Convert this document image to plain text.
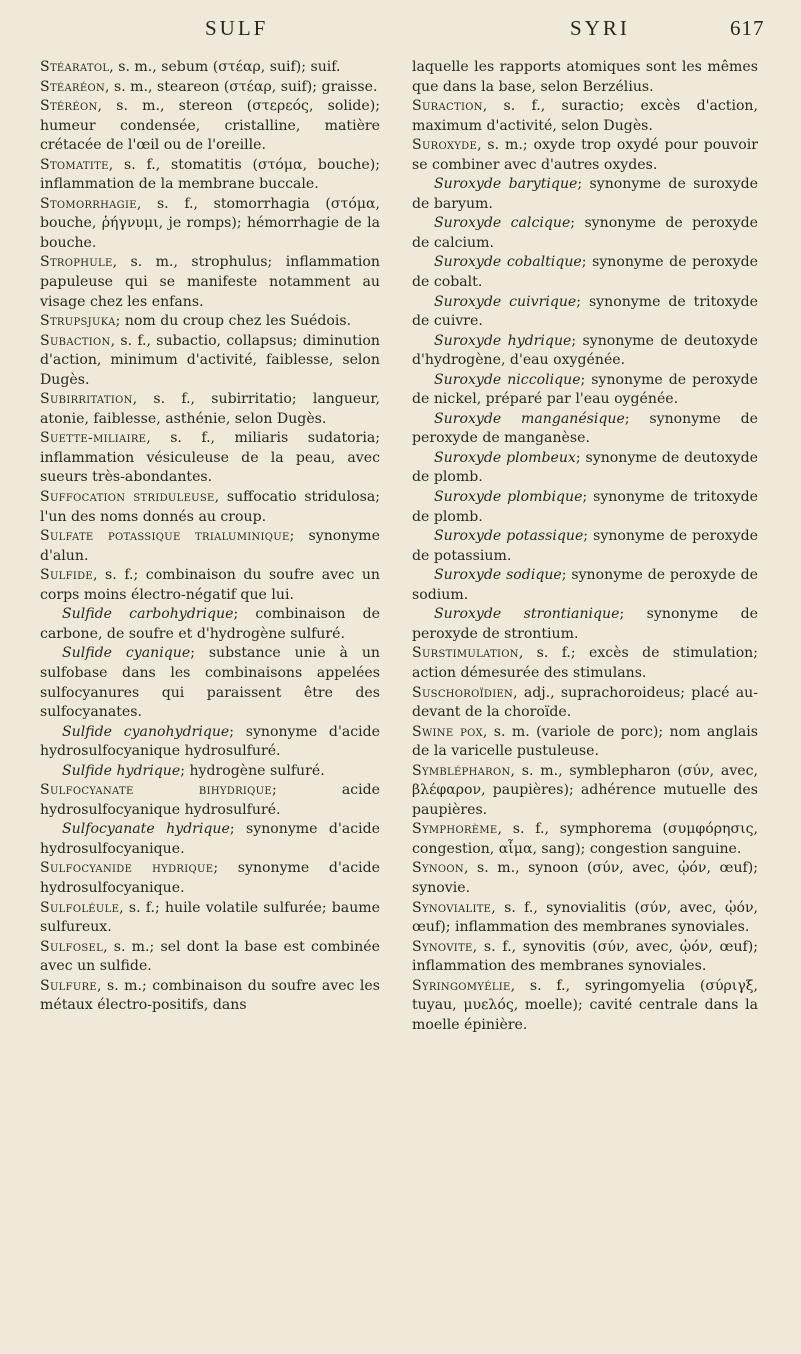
SULF	SYRI	617

Stéaratol, s. m., sebum (στέαρ, suif); suif.

Stéaréon, s. m., steareon (στέαρ, suif); graisse.

Stéréon, s. m., stereon (στερεός, solide); humeur condensée, cristalline, matière crétacée de l'œil ou de l'oreille.

Stomatite, s. f., stomatitis (στόμα, bouche); inflammation de la membrane buccale.

Stomorrhagie, s. f., stomorrhagia (στόμα, bouche, ῥήγνυμι, je romps); hémorrhagie de la bouche.

Strophule, s. m., strophulus; inflammation papuleuse qui se manifeste notamment au visage chez les enfans.

Strupsjuka; nom du croup chez les Suédois.

Subaction, s. f., subactio, collapsus; diminution d'action, minimum d'activité, faiblesse, selon Dugès.

Subirritation, s. f., subirritatio; langueur, atonie, faiblesse, asthénie, selon Dugès.

Suette-miliaire, s. f., miliaris sudatoria; inflammation vésiculeuse de la peau, avec sueurs très-abondantes.

Suffocation striduleuse, suffocatio stridulosa; l'un des noms donnés au croup.

Sulfate potassique trialuminique; synonyme d'alun.

Sulfide, s. f.; combinaison du soufre avec un corps moins électro-négatif que lui.

Sulfide carbohydrique; combinaison de carbone, de soufre et d'hydrogène sulfuré.

Sulfide cyanique; substance unie à un sulfobase dans les combinaisons appelées sulfocyanures qui paraissent être des sulfocyanates.

Sulfide cyanohydrique; synonyme d'acide hydrosulfocyanique hydrosulfuré.

Sulfide hydrique; hydrogène sulfuré.

Sulfocyanate bihydrique; acide hydrosulfocyanique hydrosulfuré.

Sulfocyanate hydrique; synonyme d'acide hydrosulfocyanique.

Sulfocyanide hydrique; synonyme d'acide hydrosulfocyanique.

Sulfoléule, s. f.; huile volatile sulfurée; baume sulfureux.

Sulfosel, s. m.; sel dont la base est combinée avec un sulfide.

Sulfure, s. m.; combinaison du soufre avec les métaux électro-positifs, dans

laquelle les rapports atomiques sont les mêmes que dans la base, selon Berzélius.

Suraction, s. f., suractio; excès d'action, maximum d'activité, selon Dugès.

Suroxyde, s. m.; oxyde trop oxydé pour pouvoir se combiner avec d'autres oxydes.

Suroxyde barytique; synonyme de suroxyde de baryum.

Suroxyde calcique; synonyme de peroxyde de calcium.

Suroxyde cobaltique; synonyme de peroxyde de cobalt.

Suroxyde cuivrique; synonyme de tritoxyde de cuivre.

Suroxyde hydrique; synonyme de deutoxyde d'hydrogène, d'eau oxygénée.

Suroxyde niccolique; synonyme de peroxyde de nickel, préparé par l'eau oygénée.

Suroxyde manganésique; synonyme de peroxyde de manganèse.

Suroxyde plombeux; synonyme de deutoxyde de plomb.

Suroxyde plombique; synonyme de tritoxyde de plomb.

Suroxyde potassique; synonyme de peroxyde de potassium.

Suroxyde sodique; synonyme de peroxyde de sodium.

Suroxyde strontianique; synonyme de peroxyde de strontium.

Surstimulation, s. f.; excès de stimulation; action démesurée des stimulans.

Suschoroïdien, adj., suprachoroideus; placé au-devant de la choroïde.

Swine pox, s. m. (variole de porc); nom anglais de la varicelle pustuleuse.

Symblépharon, s. m., symblepharon (σύν, avec, βλέφαρον, paupières); adhérence mutuelle des paupières.

Symphorème, s. f., symphorema (συμφόρησις, congestion, αἷμα, sang); congestion sanguine.

Synoon, s. m., synoon (σύν, avec, ᾠόν, œuf); synovie.

Synovialite, s. f., synovialitis (σύν, avec, ᾠόν, œuf); inflammation des membranes synoviales.

Synovite, s. f., synovitis (σύν, avec, ᾠόν, œuf); inflammation des membranes synoviales.

Syringomyélie, s. f., syringomyelia (σύριγξ, tuyau, μυελός, moelle); cavité centrale dans la moelle épinière.
